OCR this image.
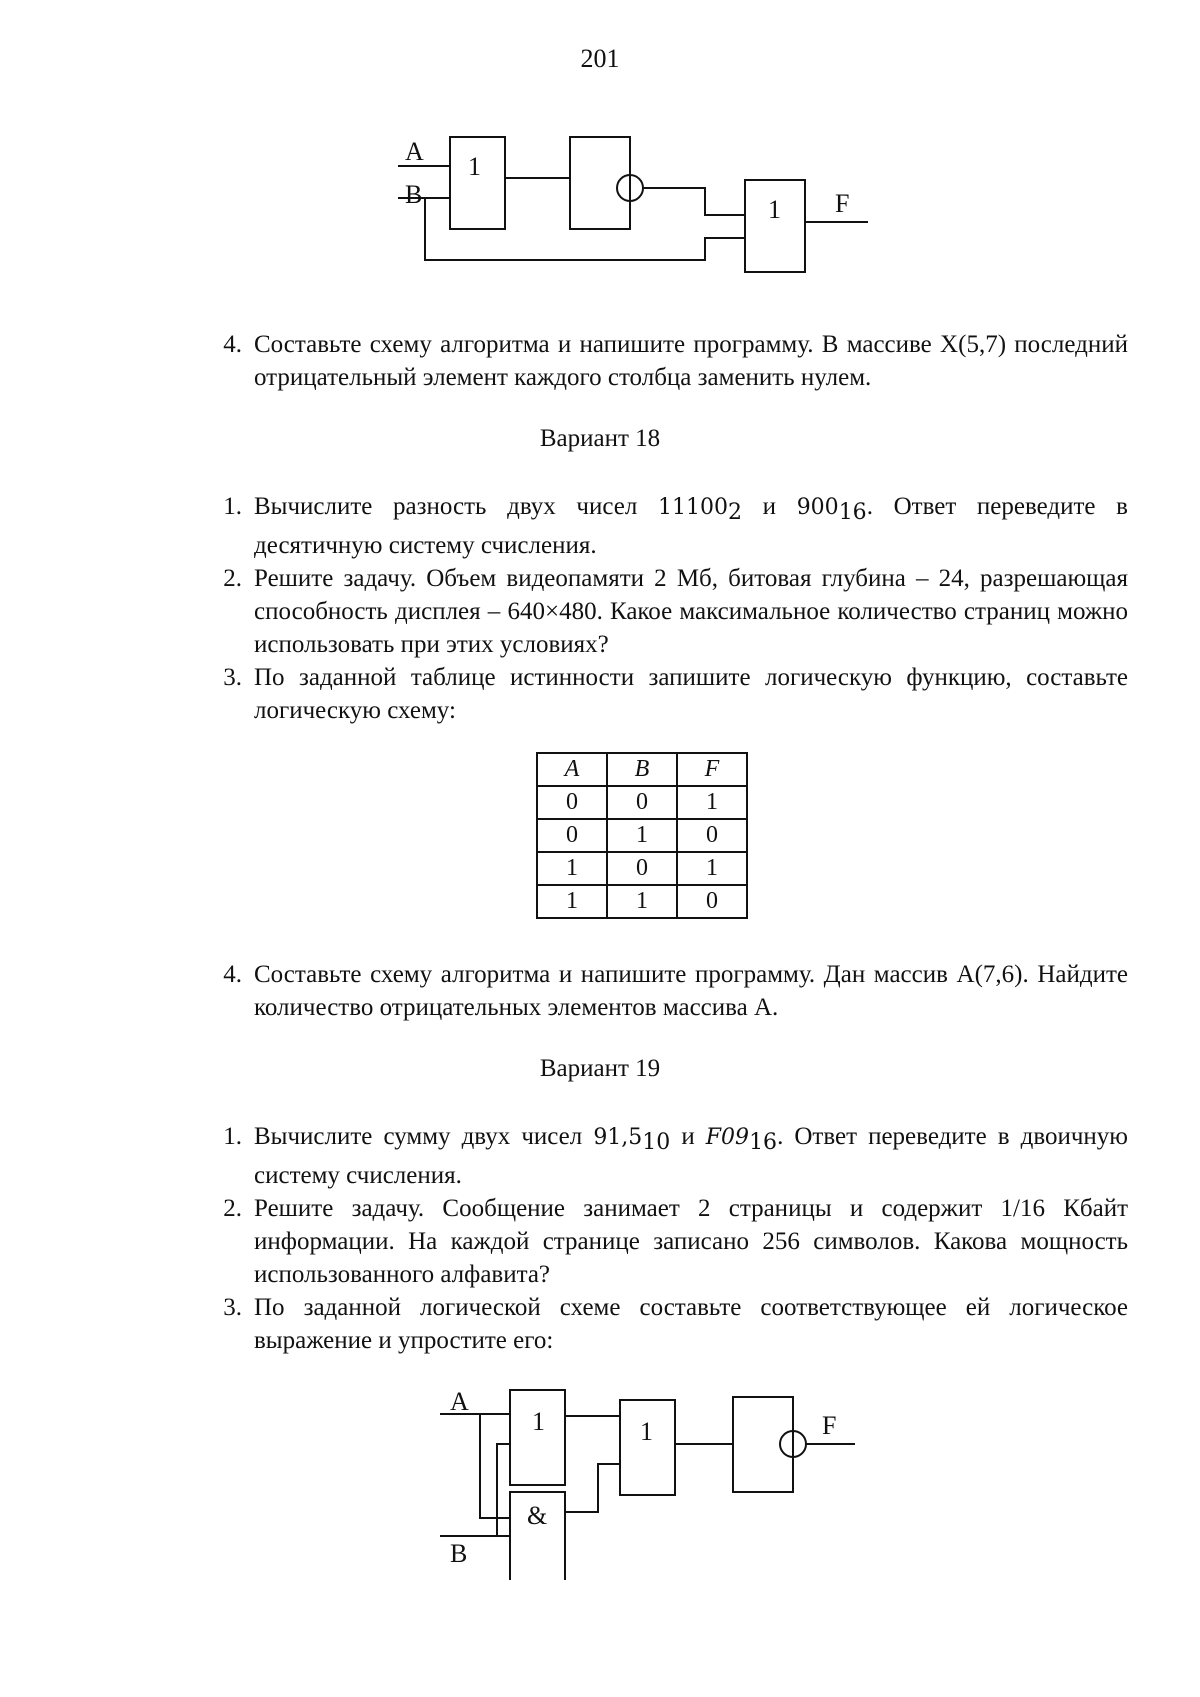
201
A
B
1
1 F
4. Составьте схему алгоритма и напишите программу. В массиве X(5,7) последний отрицательный элемент каждого столбца заменить нулем.
Вариант 18
1. Вычислите разность двух чисел 111002 и 90016. Ответ переведите в десятичную систему счисления.
2. Решите задачу. Объем видеопамяти 2 Мб, битовая глубина – 24, разрешающая способность дисплея – 640×480. Какое максимальное количество страниц можно использовать при этих условиях?
3. По заданной таблице истинности запишите логическую функцию, составьте логическую схему:
A	B	F
0	0	1
0	1	0
1	0	1
1	1	0
4. Составьте схему алгоритма и напишите программу. Дан массив A(7,6). Найдите количество отрицательных элементов массива A.
Вариант 19
1. Вычислите сумму двух чисел 91,510 и F0916. Ответ переведите в двоичную систему счисления.
2. Решите задачу. Сообщение занимает 2 страницы и содержит 1/16 Кбайт информации. На каждой странице записано 256 символов. Какова мощность использованного алфавита?
3. По заданной логической схеме составьте соответствующее ей логическое выражение и упростите его:
A
B
1
&
1	F
